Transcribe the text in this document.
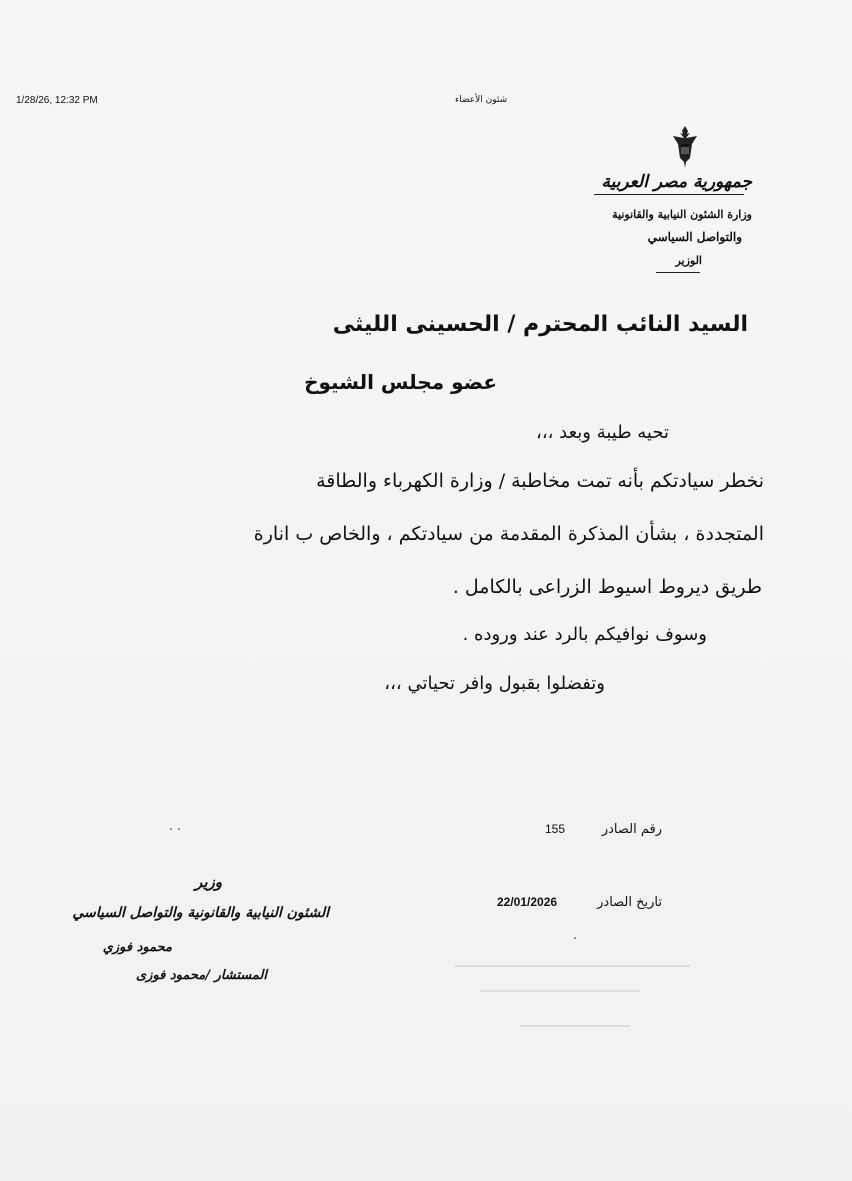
1/28/26, 12:32 PM	شئون الأعضاء
جمهورية مصر العربية
وزارة الشئون النيابية والقانونية
والتواصل السياسي
الوزير
السيد النائب المحترم / الحسينى الليثى
عضو مجلس الشيوخ
تحيه طيبة وبعد ،،،
نخطر سيادتكم بأنه تمت مخاطبة / وزارة الكهرباء والطاقة
المتجددة ، بشأن المذكرة المقدمة من سيادتكم ، والخاص ب انارة
طريق ديروط اسيوط الزراعى بالكامل .
وسوف نوافيكم بالرد عند وروده .
وتفضلوا بقبول وافر تحياتي ،،،
رقم الصادر
155
تاريخ الصادر
22/01/2026
وزير
الشئون النيابية والقانونية والتواصل السياسي
محمود فوزي
المستشار /محمود فوزى
